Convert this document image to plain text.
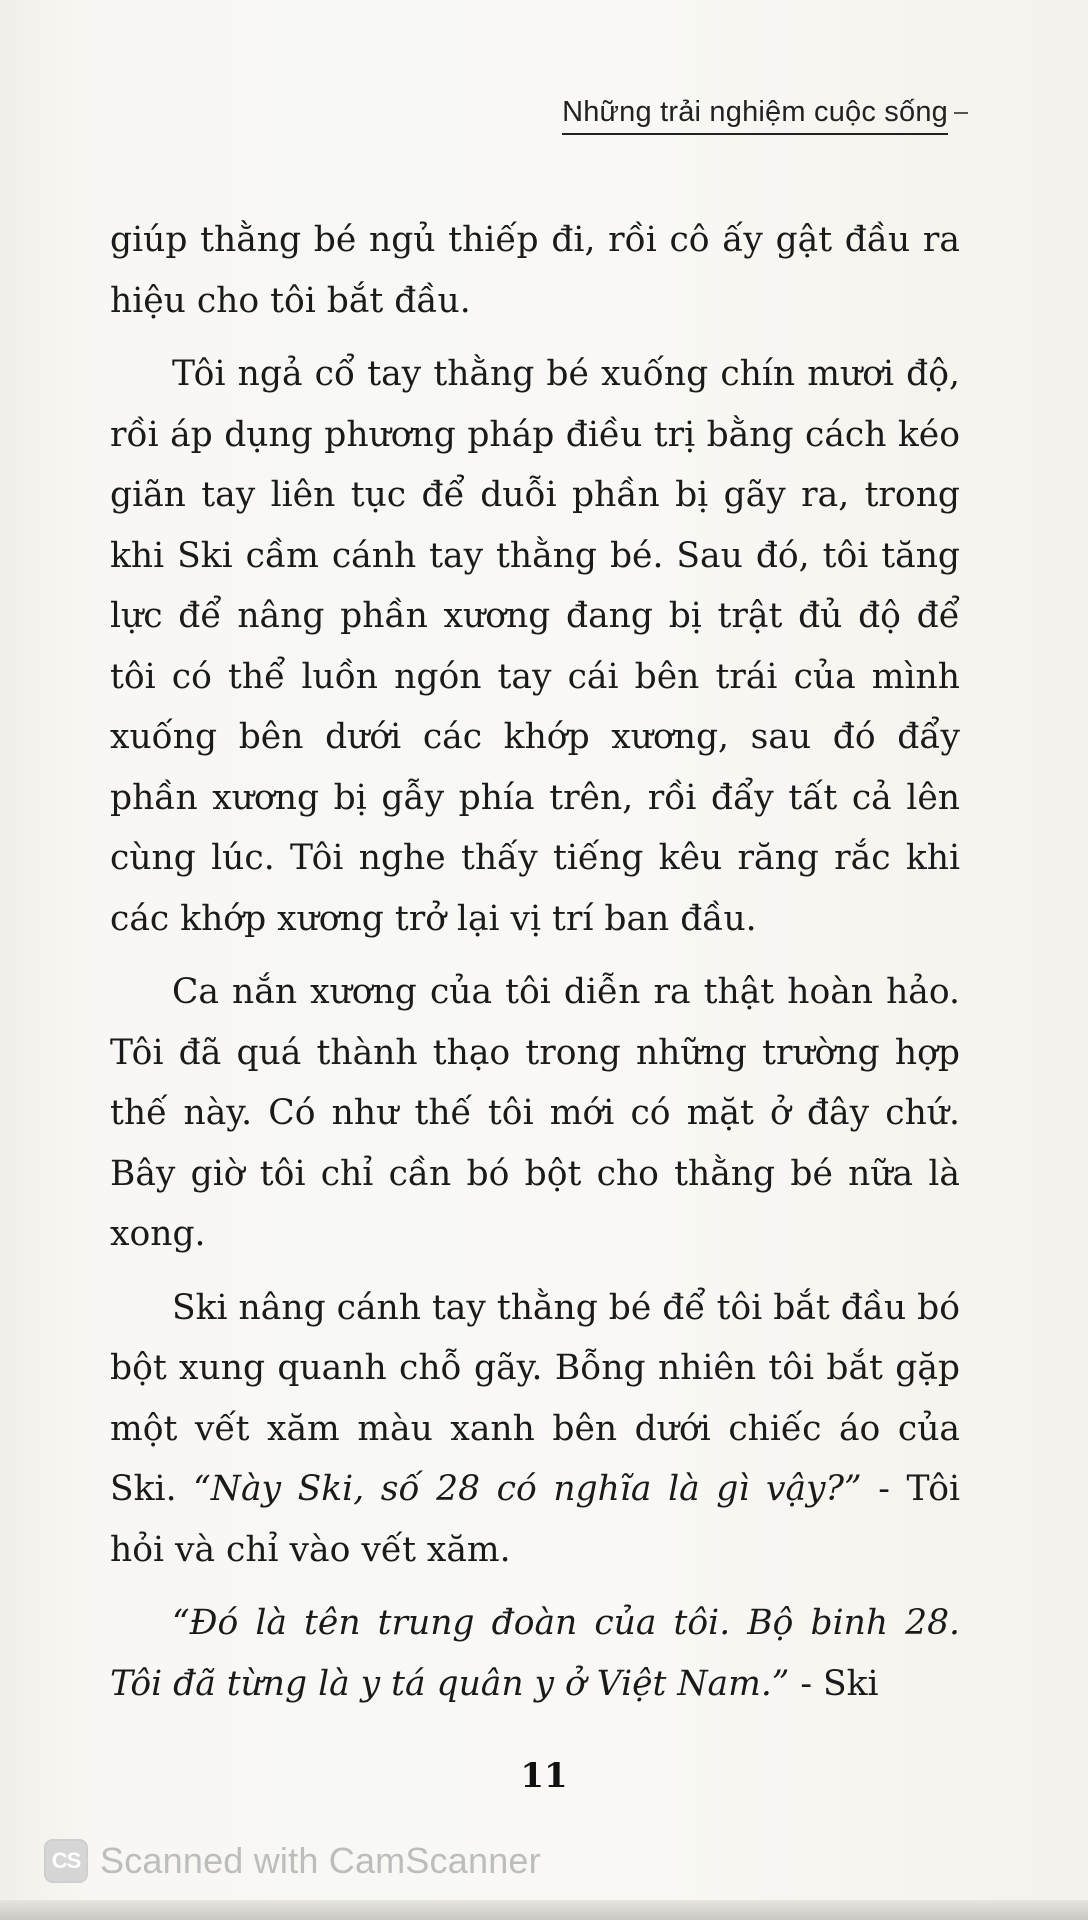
Những trải nghiệm cuộc sống

giúp thằng bé ngủ thiếp đi, rồi cô ấy gật đầu ra hiệu cho tôi bắt đầu.

Tôi ngả cổ tay thằng bé xuống chín mươi độ, rồi áp dụng phương pháp điều trị bằng cách kéo giãn tay liên tục để duỗi phần bị gãy ra, trong khi Ski cầm cánh tay thằng bé. Sau đó, tôi tăng lực để nâng phần xương đang bị trật đủ độ để tôi có thể luồn ngón tay cái bên trái của mình xuống bên dưới các khớp xương, sau đó đẩy phần xương bị gẫy phía trên, rồi đẩy tất cả lên cùng lúc. Tôi nghe thấy tiếng kêu răng rắc khi các khớp xương trở lại vị trí ban đầu.

Ca nắn xương của tôi diễn ra thật hoàn hảo. Tôi đã quá thành thạo trong những trường hợp thế này. Có như thế tôi mới có mặt ở đây chứ. Bây giờ tôi chỉ cần bó bột cho thằng bé nữa là xong.

Ski nâng cánh tay thằng bé để tôi bắt đầu bó bột xung quanh chỗ gãy. Bỗng nhiên tôi bắt gặp một vết xăm màu xanh bên dưới chiếc áo của Ski. “Này Ski, số 28 có nghĩa là gì vậy?” - Tôi hỏi và chỉ vào vết xăm.

“Đó là tên trung đoàn của tôi. Bộ binh 28. Tôi đã từng là y tá quân y ở Việt Nam.” - Ski

11
CS Scanned with CamScanner
